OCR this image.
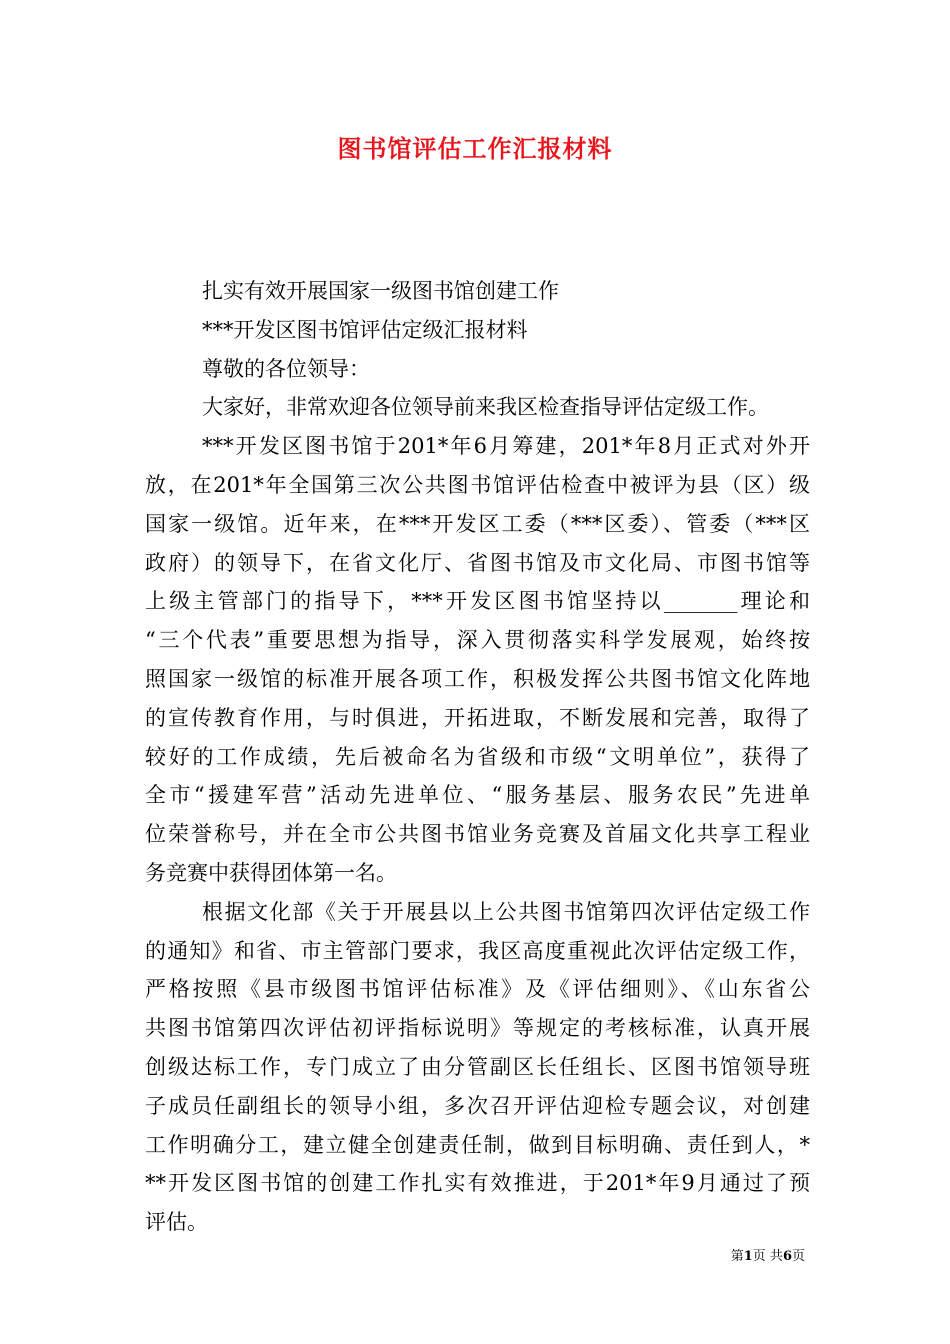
图书馆评估工作汇报材料
扎实有效开展国家一级图书馆创建工作
***开发区图书馆评估定级汇报材料
尊敬的各位领导：
大家好，非常欢迎各位领导前来我区检查指导评估定级工作。
***开发区图书馆于201*年6月筹建，201*年8月正式对外开
放，在201*年全国第三次公共图书馆评估检查中被评为县（区）级
国家一级馆。近年来，在***开发区工委（***区委）、管委（***区
政府）的领导下，在省文化厅、省图书馆及市文化局、市图书馆等
上级主管部门的指导下，***开发区图书馆坚持以_______理论和
“三个代表”重要思想为指导，深入贯彻落实科学发展观，始终按
照国家一级馆的标准开展各项工作，积极发挥公共图书馆文化阵地
的宣传教育作用，与时俱进，开拓进取，不断发展和完善，取得了
较好的工作成绩，先后被命名为省级和市级“文明单位”，获得了
全市“援建军营”活动先进单位、“服务基层、服务农民”先进单
位荣誉称号，并在全市公共图书馆业务竞赛及首届文化共享工程业
务竞赛中获得团体第一名。
根据文化部《关于开展县以上公共图书馆第四次评估定级工作
的通知》和省、市主管部门要求，我区高度重视此次评估定级工作，
严格按照《县市级图书馆评估标准》及《评估细则》、《山东省公
共图书馆第四次评估初评指标说明》等规定的考核标准，认真开展
创级达标工作，专门成立了由分管副区长任组长、区图书馆领导班
子成员任副组长的领导小组，多次召开评估迎检专题会议，对创建
工作明确分工，建立健全创建责任制，做到目标明确、责任到人，*
**开发区图书馆的创建工作扎实有效推进，于201*年9月通过了预
评估。
第1页 共6页
